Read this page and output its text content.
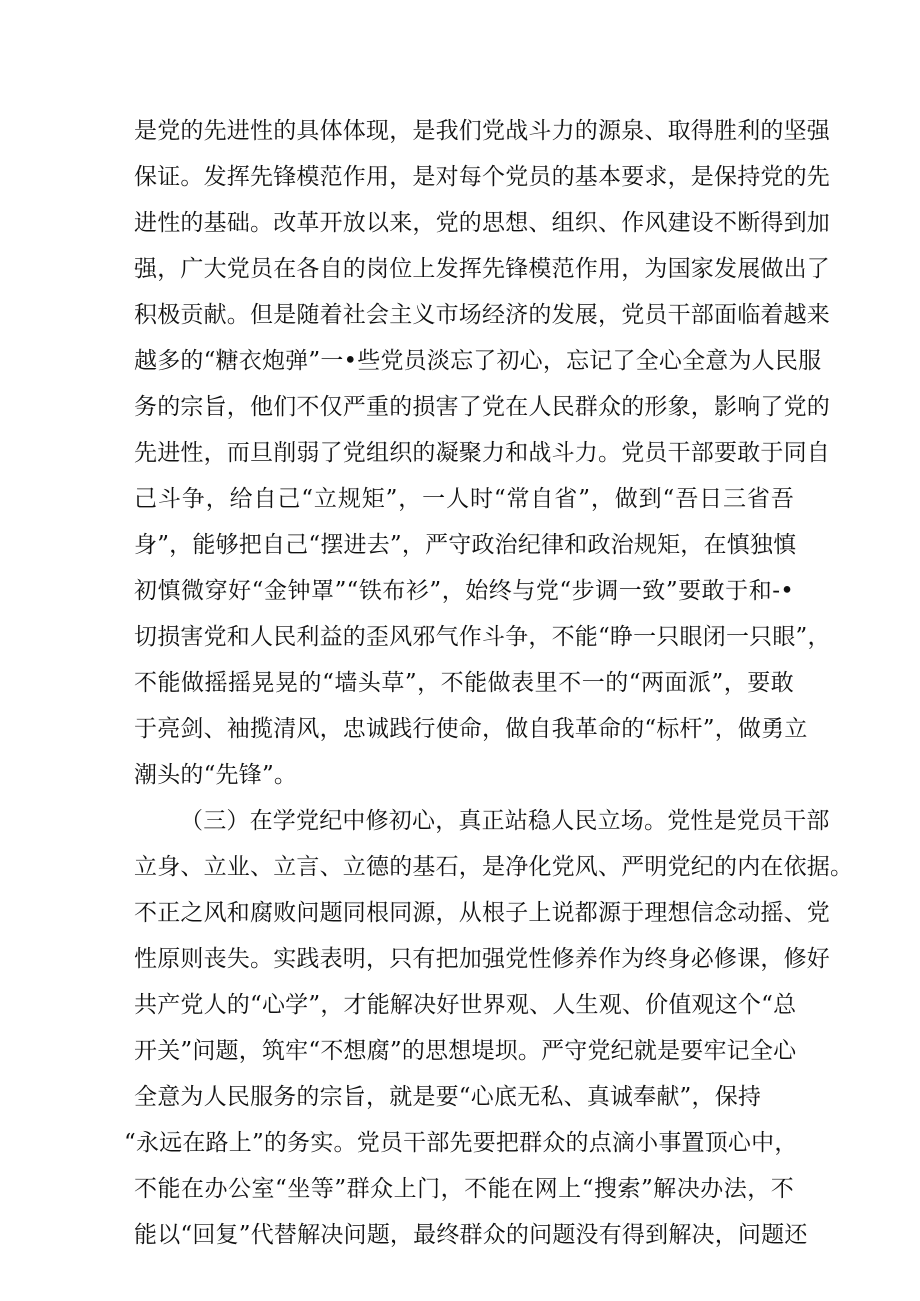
是党的先进性的具体体现，是我们党战斗力的源泉、取得胜利的坚强
保证。发挥先锋模范作用，是对每个党员的基本要求，是保持党的先
进性的基础。改革开放以来，党的思想、组织、作风建设不断得到加
强，广大党员在各自的岗位上发挥先锋模范作用，为国家发展做出了
积极贡献。但是随着社会主义市场经济的发展，党员干部面临着越来
越多的“糖衣炮弹”一•些党员淡忘了初心，忘记了全心全意为人民服
务的宗旨，他们不仅严重的损害了党在人民群众的形象，影响了党的
先进性，而旦削弱了党组织的凝聚力和战斗力。党员干部要敢于同自
己斗争，给自己“立规矩”，一人时“常自省”，做到“吾日三省吾
身”，能够把自己“摆进去”，严守政治纪律和政治规矩，在慎独慎
初慎微穿好“金钟罩”“铁布衫”，始终与党“步调一致”要敢于和-•
切损害党和人民利益的歪风邪气作斗争，不能“睁一只眼闭一只眼”，
不能做摇摇晃晃的“墙头草”，不能做表里不一的“两面派”，要敢
于亮剑、袖揽清风，忠诚践行使命，做自我革命的“标杆”，做勇立
潮头的“先锋”。
（三）在学党纪中修初心，真正站稳人民立场。党性是党员干部
立身、立业、立言、立德的基石，是净化党风、严明党纪的内在依据。
不正之风和腐败问题同根同源，从根子上说都源于理想信念动摇、党
性原则丧失。实践表明，只有把加强党性修养作为终身必修课，修好
共产党人的“心学”，才能解决好世界观、人生观、价值观这个“总
开关”问题，筑牢“不想腐”的思想堤坝。严守党纪就是要牢记全心
全意为人民服务的宗旨，就是要“心底无私、真诚奉献”，保持
“永远在路上”的务实。党员干部先要把群众的点滴小事置顶心中，
不能在办公室“坐等”群众上门，不能在网上“搜索”解决办法，不
能以“回复”代替解决问题，最终群众的问题没有得到解决，问题还
